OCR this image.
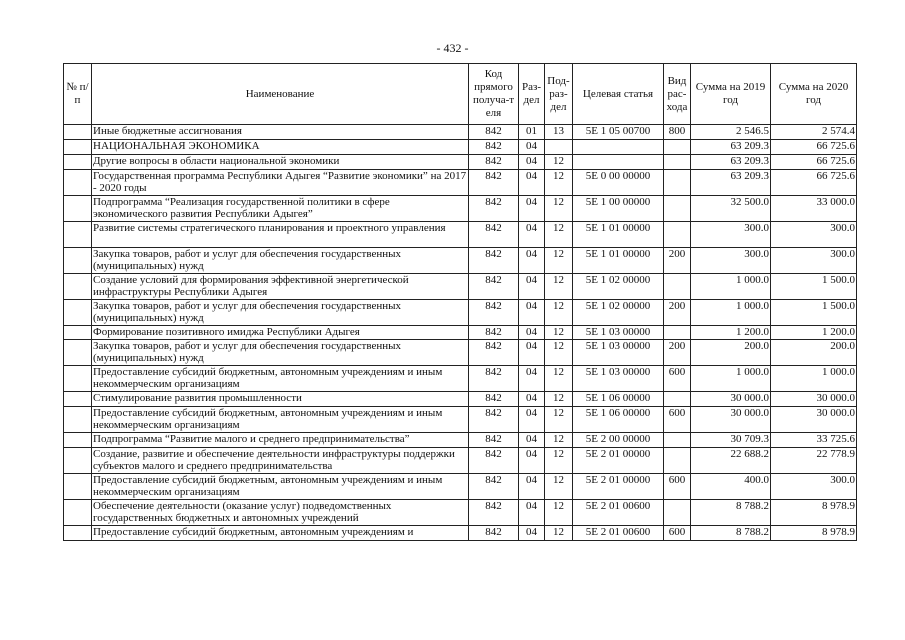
- 432 -
№ п/п	Наименование	Код прямого получа-т еля	Раз- дел	Под- раз- дел	Целевая статья	Вид рас- хода	Сумма на 2019 год	Сумма на 2020 год
	Иные бюджетные ассигнования	842	01	13	5Е 1 05 00700	800	2 546.5	2 574.4
	НАЦИОНАЛЬНАЯ ЭКОНОМИКА	842	04				63 209.3	66 725.6
	Другие вопросы в области национальной экономики	842	04	12			63 209.3	66 725.6
	Государственная программа Республики Адыгея “Развитие экономики” на 2017 - 2020 годы	842	04	12	5Е 0 00 00000		63 209.3	66 725.6
	Подпрограмма “Реализация государственной политики в сфере экономического развития Республики Адыгея”	842	04	12	5Е 1 00 00000		32 500.0	33 000.0
	Развитие системы стратегического планирования и проектного управления	842	04	12	5Е 1 01 00000		300.0	300.0
	Закупка товаров, работ и услуг для обеспечения государственных (муниципальных) нужд	842	04	12	5Е 1 01 00000	200	300.0	300.0
	Создание условий для формирования эффективной энергетической инфраструктуры Республики Адыгея	842	04	12	5Е 1 02 00000		1 000.0	1 500.0
	Закупка товаров, работ и услуг для обеспечения государственных (муниципальных) нужд	842	04	12	5Е 1 02 00000	200	1 000.0	1 500.0
	Формирование позитивного имиджа Республики Адыгея	842	04	12	5Е 1 03 00000		1 200.0	1 200.0
	Закупка товаров, работ и услуг для обеспечения государственных (муниципальных) нужд	842	04	12	5Е 1 03 00000	200	200.0	200.0
	Предоставление субсидий бюджетным, автономным учреждениям и иным некоммерческим организациям	842	04	12	5Е 1 03 00000	600	1 000.0	1 000.0
	Стимулирование развития промышленности	842	04	12	5Е 1 06 00000		30 000.0	30 000.0
	Предоставление субсидий бюджетным, автономным учреждениям и иным некоммерческим организациям	842	04	12	5Е 1 06 00000	600	30 000.0	30 000.0
	Подпрограмма “Развитие малого и среднего предпринимательства”	842	04	12	5Е 2 00 00000		30 709.3	33 725.6
	Создание, развитие и обеспечение деятельности инфраструктуры поддержки субъектов малого и среднего предпринимательства	842	04	12	5Е 2 01 00000		22 688.2	22 778.9
	Предоставление субсидий бюджетным, автономным учреждениям и иным некоммерческим организациям	842	04	12	5Е 2 01 00000	600	400.0	300.0
	Обеспечение деятельности (оказание услуг) подведомственных государственных бюджетных и автономных учреждений	842	04	12	5Е 2 01 00600		8 788.2	8 978.9
	Предоставление субсидий бюджетным, автономным учреждениям и	842	04	12	5Е 2 01 00600	600	8 788.2	8 978.9
